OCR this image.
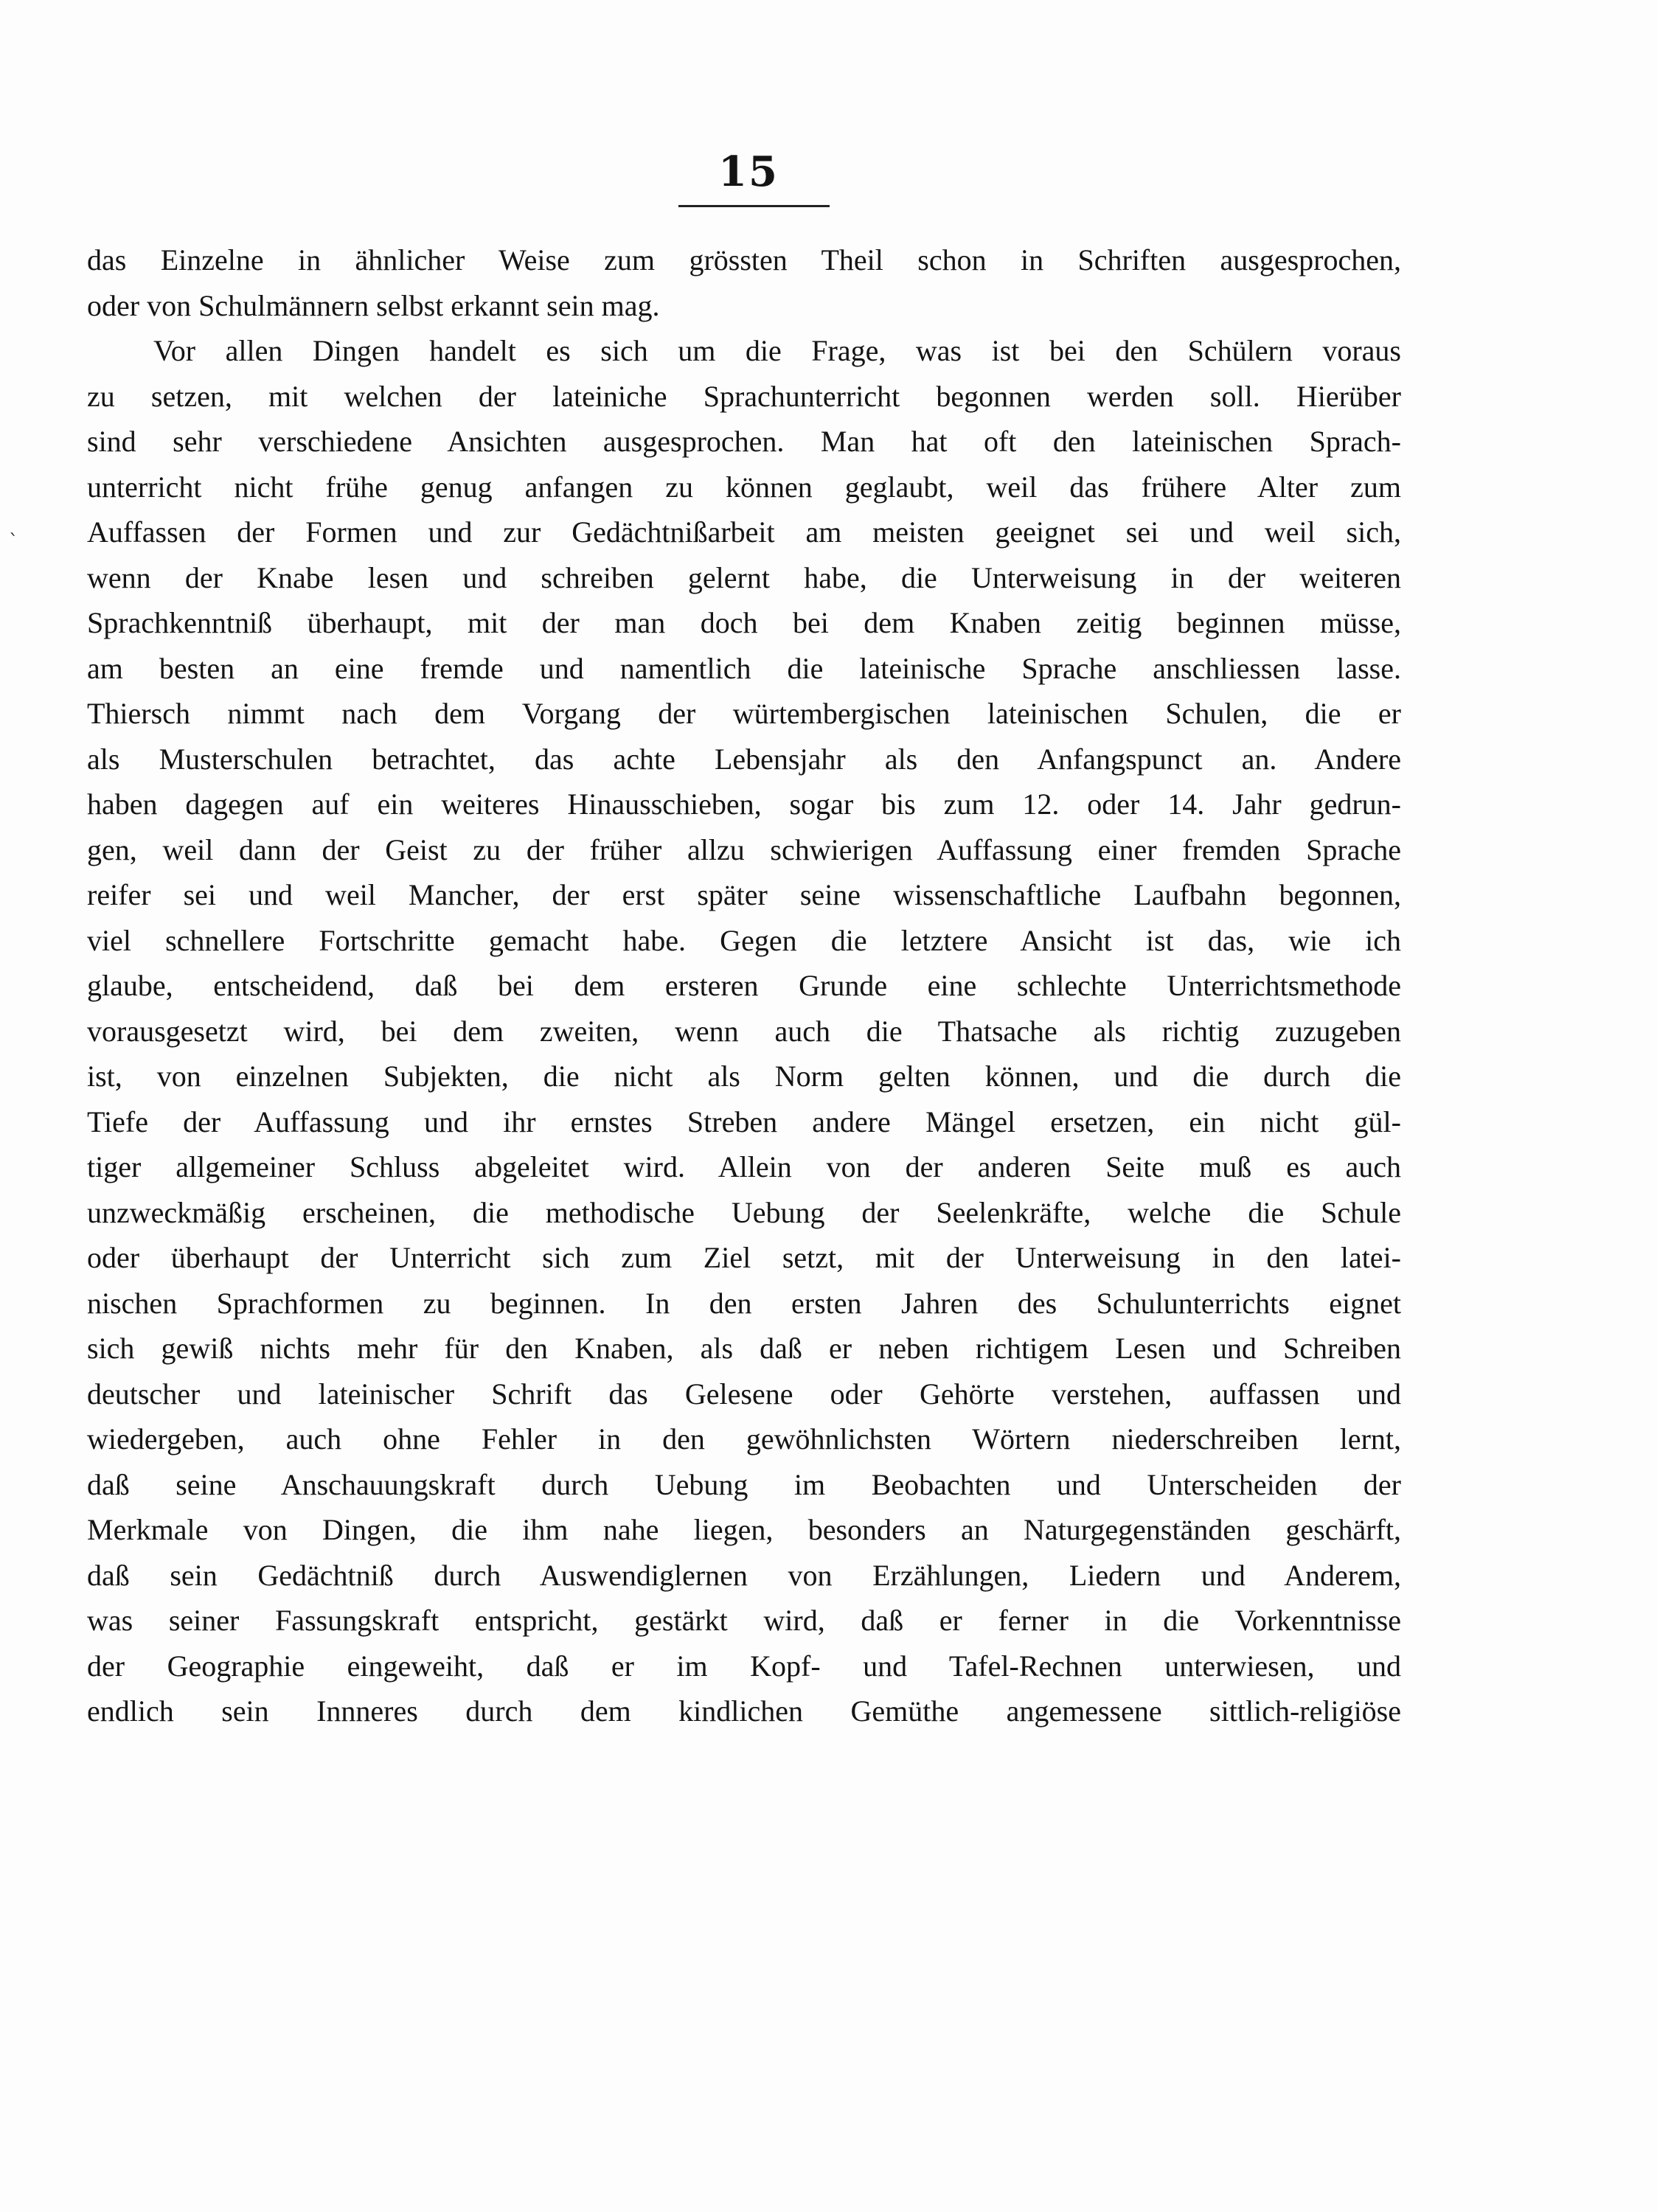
15
ˋ
das Einzelne in ähnlicher Weise zum grössten Theil schon in Schriften ausgesprochen,
oder von Schulmännern selbst erkannt sein mag.
Vor allen Dingen handelt es sich um die Frage, was ist bei den Schülern voraus
zu setzen, mit welchen der lateiniche Sprachunterricht begonnen werden soll. Hierüber
sind sehr verschiedene Ansichten ausgesprochen. Man hat oft den lateinischen Sprach-
unterricht nicht frühe genug anfangen zu können geglaubt, weil das frühere Alter zum
Auffassen der Formen und zur Gedächtnißarbeit am meisten geeignet sei und weil sich,
wenn der Knabe lesen und schreiben gelernt habe, die Unterweisung in der weiteren
Sprachkenntniß überhaupt, mit der man doch bei dem Knaben zeitig beginnen müsse,
am besten an eine fremde und namentlich die lateinische Sprache anschliessen lasse.
Thiersch nimmt nach dem Vorgang der würtembergischen lateinischen Schulen, die er
als Musterschulen betrachtet, das achte Lebensjahr als den Anfangspunct an. Andere
haben dagegen auf ein weiteres Hinausschieben, sogar bis zum 12. oder 14. Jahr gedrun-
gen, weil dann der Geist zu der früher allzu schwierigen Auffassung einer fremden Sprache
reifer sei und weil Mancher, der erst später seine wissenschaftliche Laufbahn begonnen,
viel schnellere Fortschritte gemacht habe. Gegen die letztere Ansicht ist das, wie ich
glaube, entscheidend, daß bei dem ersteren Grunde eine schlechte Unterrichtsmethode
vorausgesetzt wird, bei dem zweiten, wenn auch die Thatsache als richtig zuzugeben
ist, von einzelnen Subjekten, die nicht als Norm gelten können, und die durch die
Tiefe der Auffassung und ihr ernstes Streben andere Mängel ersetzen, ein nicht gül-
tiger allgemeiner Schluss abgeleitet wird. Allein von der anderen Seite muß es auch
unzweckmäßig erscheinen, die methodische Uebung der Seelenkräfte, welche die Schule
oder überhaupt der Unterricht sich zum Ziel setzt, mit der Unterweisung in den latei-
nischen Sprachformen zu beginnen. In den ersten Jahren des Schulunterrichts eignet
sich gewiß nichts mehr für den Knaben, als daß er neben richtigem Lesen und Schreiben
deutscher und lateinischer Schrift das Gelesene oder Gehörte verstehen, auffassen und
wiedergeben, auch ohne Fehler in den gewöhnlichsten Wörtern niederschreiben lernt,
daß seine Anschauungskraft durch Uebung im Beobachten und Unterscheiden der
Merkmale von Dingen, die ihm nahe liegen, besonders an Naturgegenständen geschärft,
daß sein Gedächtniß durch Auswendiglernen von Erzählungen, Liedern und Anderem,
was seiner Fassungskraft entspricht, gestärkt wird, daß er ferner in die Vorkenntnisse
der Geographie eingeweiht, daß er im Kopf- und Tafel-Rechnen unterwiesen, und
endlich sein Innneres durch dem kindlichen Gemüthe angemessene sittlich-religiöse
